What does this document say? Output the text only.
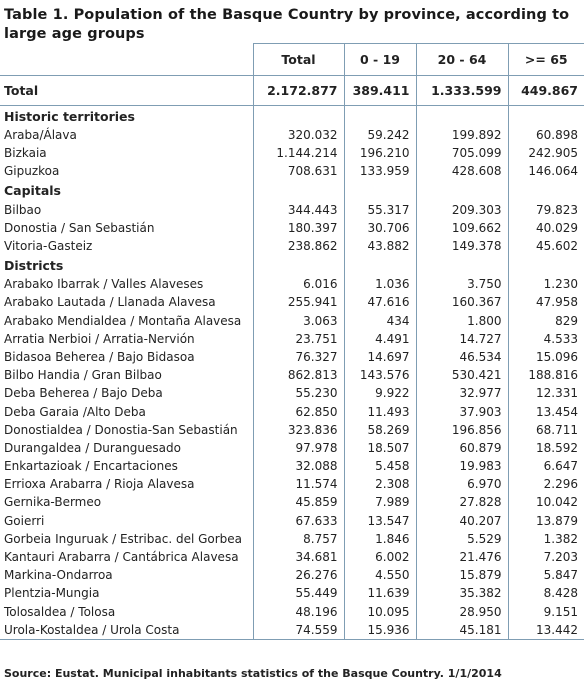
Table 1. Population of the Basque Country by province, according to large age groups
	Total	0 - 19	20 - 64	>= 65
Total	2.172.877	389.411	1.333.599	449.867
Historic territories				
Araba/Álava	320.032	59.242	199.892	60.898
Bizkaia	1.144.214	196.210	705.099	242.905
Gipuzkoa	708.631	133.959	428.608	146.064
Capitals				
Bilbao	344.443	55.317	209.303	79.823
Donostia / San Sebastián	180.397	30.706	109.662	40.029
Vitoria-Gasteiz	238.862	43.882	149.378	45.602
Districts				
Arabako Ibarrak / Valles Alaveses	6.016	1.036	3.750	1.230
Arabako Lautada / Llanada Alavesa	255.941	47.616	160.367	47.958
Arabako Mendialdea / Montaña Alavesa	3.063	434	1.800	829
Arratia Nerbioi / Arratia-Nervión	23.751	4.491	14.727	4.533
Bidasoa Beherea / Bajo Bidasoa	76.327	14.697	46.534	15.096
Bilbo Handia / Gran Bilbao	862.813	143.576	530.421	188.816
Deba Beherea / Bajo Deba	55.230	9.922	32.977	12.331
Deba Garaia /Alto Deba	62.850	11.493	37.903	13.454
Donostialdea / Donostia-San Sebastián	323.836	58.269	196.856	68.711
Durangaldea / Duranguesado	97.978	18.507	60.879	18.592
Enkartazioak / Encartaciones	32.088	5.458	19.983	6.647
Errioxa Arabarra / Rioja Alavesa	11.574	2.308	6.970	2.296
Gernika-Bermeo	45.859	7.989	27.828	10.042
Goierri	67.633	13.547	40.207	13.879
Gorbeia Inguruak / Estribac. del Gorbea	8.757	1.846	5.529	1.382
Kantauri Arabarra / Cantábrica Alavesa	34.681	6.002	21.476	7.203
Markina-Ondarroa	26.276	4.550	15.879	5.847
Plentzia-Mungia	55.449	11.639	35.382	8.428
Tolosaldea / Tolosa	48.196	10.095	28.950	9.151
Urola-Kostaldea / Urola Costa	74.559	15.936	45.181	13.442
Source: Eustat. Municipal inhabitants statistics of the Basque Country. 1/1/2014
